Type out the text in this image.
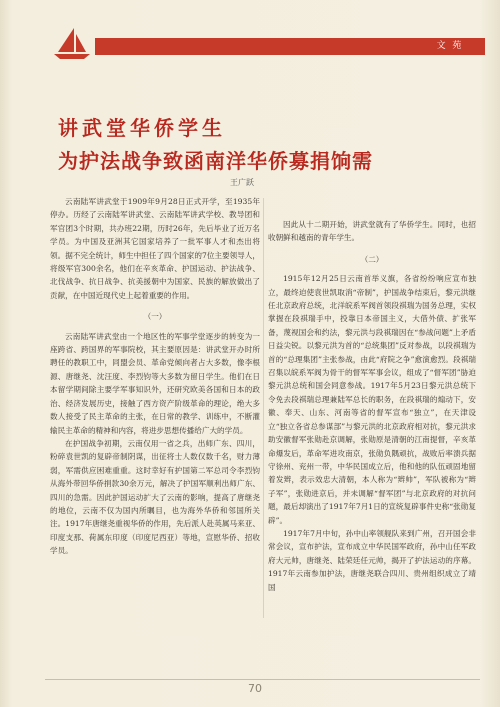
文 苑
讲武堂华侨学生
为护法战争致函南洋华侨募捐饷需
王广跃

云南陆军讲武堂于1909年9月28日正式开学，至1935年停办。历经了云南陆军讲武堂、云南陆军讲武学校、教导团和军官团3个时期，共办班22期，历时26年，先后毕业了近万名学员。为中国及亚洲其它国家培养了一批军事人才和杰出将领。据不完全统计，师生中担任了四个国家的7位主要领导人，将级军官300余名，他们在辛亥革命、护国运动、护法战争、北伐战争、抗日战争、抗美援朝中为国家、民族的解放做出了贡献，在中国近现代史上起着重要的作用。

（一）

云南陆军讲武堂由一个地区性的军事学堂逐步的转变为一座跨省、跨国界的军事院校，其主要原因是：讲武堂开办时所聘任的教职工中，同盟会员、革命党倾向者占大多数，像李根源、唐继尧、沈汪度、李烈钧等大多数为留日学生。他们在日本留学期间除主要学军事知识外，还研究欧美各国和日本的政治、经济发展历史，接触了西方资产阶级革命的理论，绝大多数人接受了民主革命的主张，在日常的教学、训练中，不断灌输民主革命的精神和内容，将进步思想传播给广大的学员。

在护国战争初期，云南仅用一省之兵，出师广东、四川，粉碎袁世凯的复辟帝制阴谋，出征将士人数仅数千名，财力薄弱，军需供应困难重重。这时幸好有护国第二军总司令李烈钧从海外带回华侨捐款30余万元，解决了护国军顺利出师广东、四川的急需。因此护国运动扩大了云南的影响，提高了唐继尧的地位，云南不仅为国内所瞩目，也为海外华侨和邻国所关注。1917年唐继尧重视华侨的作用，先后派人赴英属马来亚、印度支那、荷属东印度（印度尼西亚）等地，宣慰华侨、招收学员。

因此从十二期开始，讲武堂就有了华侨学生。同时，也招收朝鲜和越南的青年学生。

（二）

1915年12月25日云南首举义旗，各省纷纷响应宣布独立，最终迫使袁世凯取消“帝制”，护国战争结束后，黎元洪继任北京政府总统，北洋皖系军阀首领段祺瑞为国务总理，实权掌握在段祺瑞手中，投靠日本帝国主义，大借外债、扩张军备，蔑视国会和约法，黎元洪与段祺瑞因在“参战问题”上矛盾日益尖锐。以黎元洪为首的“总统集团”反对参战，以段祺瑞为首的“总理集团”主张参战，由此“府院之争”愈演愈烈。段祺瑞召集以皖系军阀为骨干的督军军事会议，组成了“督军团”胁迫黎元洪总统和国会同意参战。1917年5月23日黎元洪总统下令免去段祺瑞总理兼陆军总长的职务，在段祺瑞的煽动下，安徽、奉天、山东、河南等省的督军宣布“独立”，在天津设立“独立各省总参谋部”与黎元洪的北京政府相对抗，黎元洪求助安徽督军张勋赴京调解，张勋原是清朝的江南提督，辛亥革命爆发后，革命军进攻南京，张勋负隅顽抗，战败后率溃兵据守徐州、兖州一带，中华民国成立后，他和他的队伍顽固地留着发辫，表示效忠大清朝，本人称为“辫帅”，军队被称为“辫子军”，张勋进京后，并未调解“督军团”与北京政府的对抗问题，最后却演出了1917年7月1日的宣统复辟事件史称“张勋复辟”。

1917年7月中旬，孙中山率领舰队来到广州，召开国会非常会议，宣布护法，宣布成立中华民国军政府，孙中山任军政府大元帅，唐继尧、陆荣廷任元帅，揭开了护法运动的序幕。1917年云南参加护法，唐继尧联合四川、贵州组织成立了靖国

70
